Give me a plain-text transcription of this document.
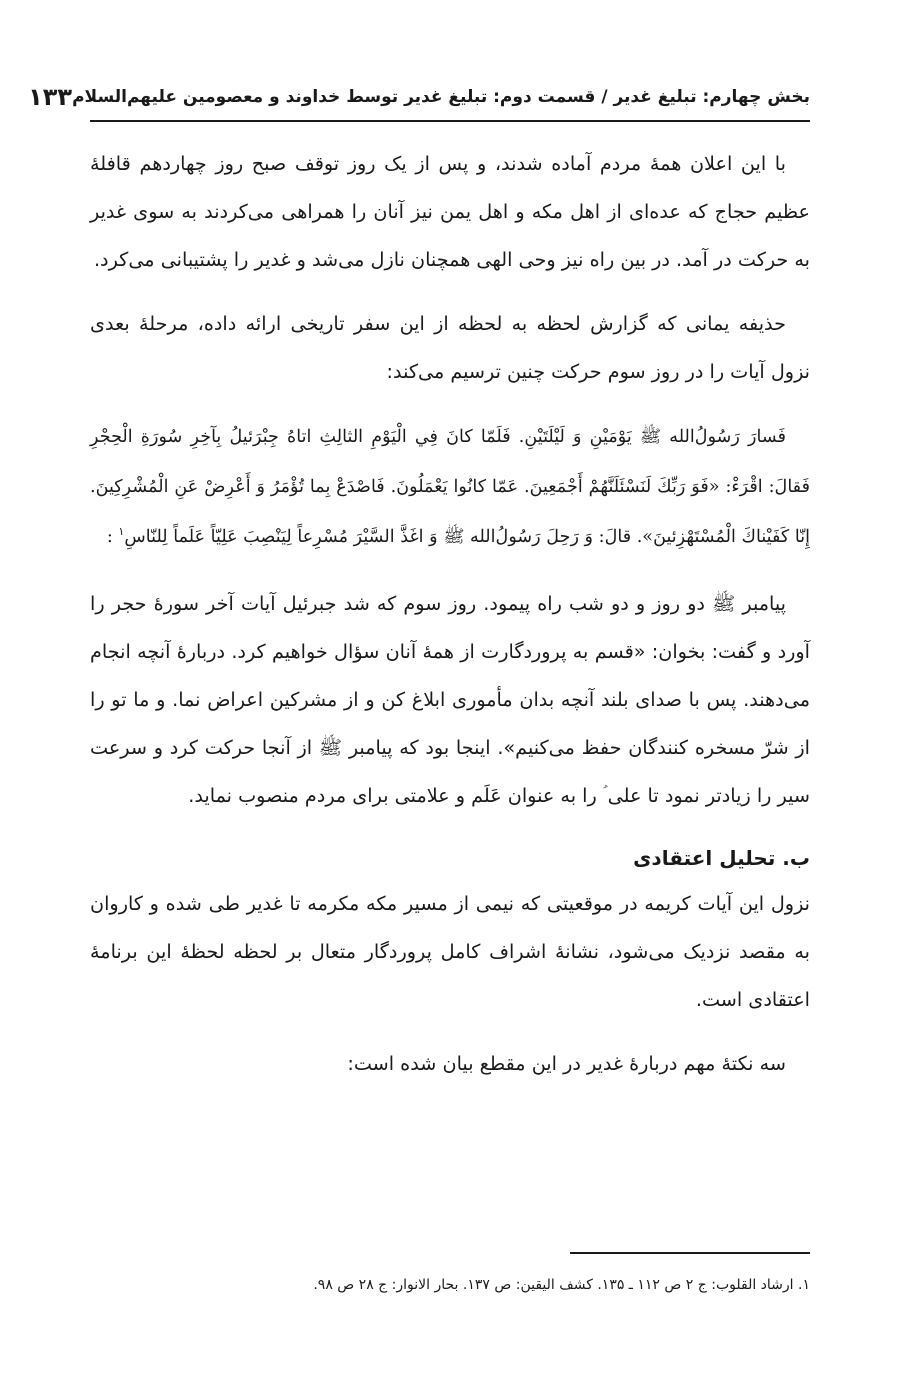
بخش چهارم: تبلیغ غدیر / قسمت دوم: تبلیغ غدیر توسط خداوند و معصومین عليهم‌السلام
۱۳۳

با این اعلان همهٔ مردم آماده شدند، و پس از یک روز توقف صبح روز چهاردهم قافلهٔ عظیم حجاج که عده‌ای از اهل مکه و اهل یمن نیز آنان را همراهی می‌کردند به سوی غدیر به حرکت در آمد. در بین راه نیز وحی الهی همچنان نازل می‌شد و غدیر را پشتیبانی می‌کرد.

حذیفه یمانی که گزارش لحظه به لحظه از این سفر تاریخی ارائه داده، مرحلهٔ بعدی نزول آیات را در روز سوم حرکت چنین ترسیم می‌کند:

فَسارَ رَسُولُ‌الله ﷺ يَوْمَيْنِ وَ لَيْلَتَيْنِ. فَلَمّا كانَ فِي الْيَوْمِ الثالِثِ اتاهُ جِبْرَئيلُ بِآخِرِ سُورَةِ الْحِجْرِ فَقالَ: اقْرَءْ: «فَوَ رَبِّكَ لَنَسْئَلَنَّهُمْ أَجْمَعِينَ. عَمّا كانُوا يَعْمَلُونَ. فَاصْدَعْ بِما تُؤْمَرُ وَ أَعْرِضْ عَنِ الْمُشْرِكِينَ. إِنّا كَفَيْناكَ الْمُسْتَهْزِئينَ». قالَ: وَ رَحِلَ رَسُولُ‌الله ﷺ وَ اغَذَّ السَّيْرَ مُسْرِعاً لِيَنْصِبَ عَلِيّاً عَلَماً لِلنّاسِ$^۱$ :

پیامبر ﷺ دو روز و دو شب راه پیمود. روز سوم که شد جبرئیل آیات آخر سورهٔ حجر را آورد و گفت: بخوان: «قسم به پروردگارت از همهٔ آنان سؤال خواهیم کرد. دربارهٔ آنچه انجام می‌دهند. پس با صدای بلند آنچه بدان مأموری ابلاغ کن و از مشرکین اعراض نما. و ما تو را از شرّ مسخره کنندگان حفظ می‌کنیم». اینجا بود که پیامبر ﷺ از آنجا حرکت کرد و سرعت سیر را زیادتر نمود تا علی ؑ را به عنوان عَلَم و علامتی برای مردم منصوب نماید.

ب. تحلیل اعتقادی

نزول این آیات کریمه در موقعیتی که نیمی از مسیر مکه مکرمه تا غدیر طی شده و کاروان به مقصد نزدیک می‌شود، نشانهٔ اشراف کامل پروردگار متعال بر لحظه لحظهٔ این برنامهٔ اعتقادی است.

سه نکتهٔ مهم دربارهٔ غدیر در این مقطع بیان شده است:

۱. ارشاد القلوب: ج ۲ ص ۱۱۲ ـ ۱۳۵. کشف الیقین: ص ۱۳۷. بحار الانوار: ج ۲۸ ص ۹۸.
